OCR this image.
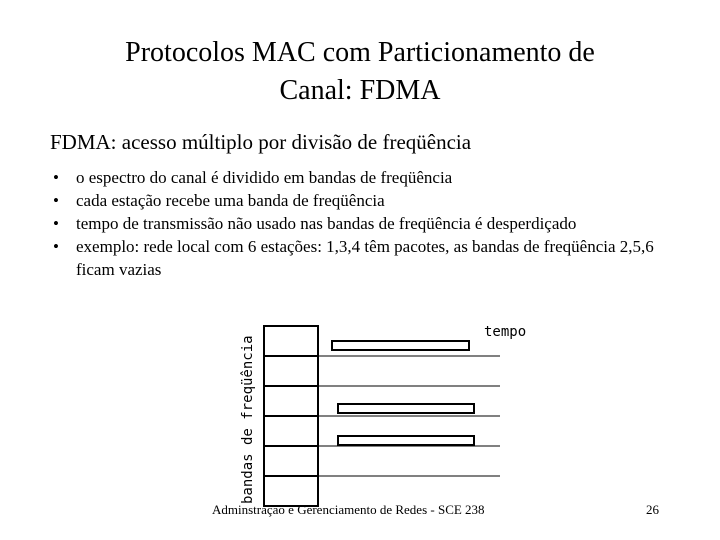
Protocolos MAC com Particionamento de
Canal: FDMA
FDMA: acesso múltiplo por divisão de freqüência
• o espectro do canal é dividido em bandas de freqüência
• cada estação recebe uma banda de freqüência
• tempo de transmissão não usado nas bandas de freqüência é desperdiçado
• exemplo: rede local com 6 estações: 1,3,4 têm pacotes, as bandas de freqüência 2,5,6 ficam vazias
bandas de freqüência
tempo
Adminstração e Gerenciamento de Redes - SCE 238	26
